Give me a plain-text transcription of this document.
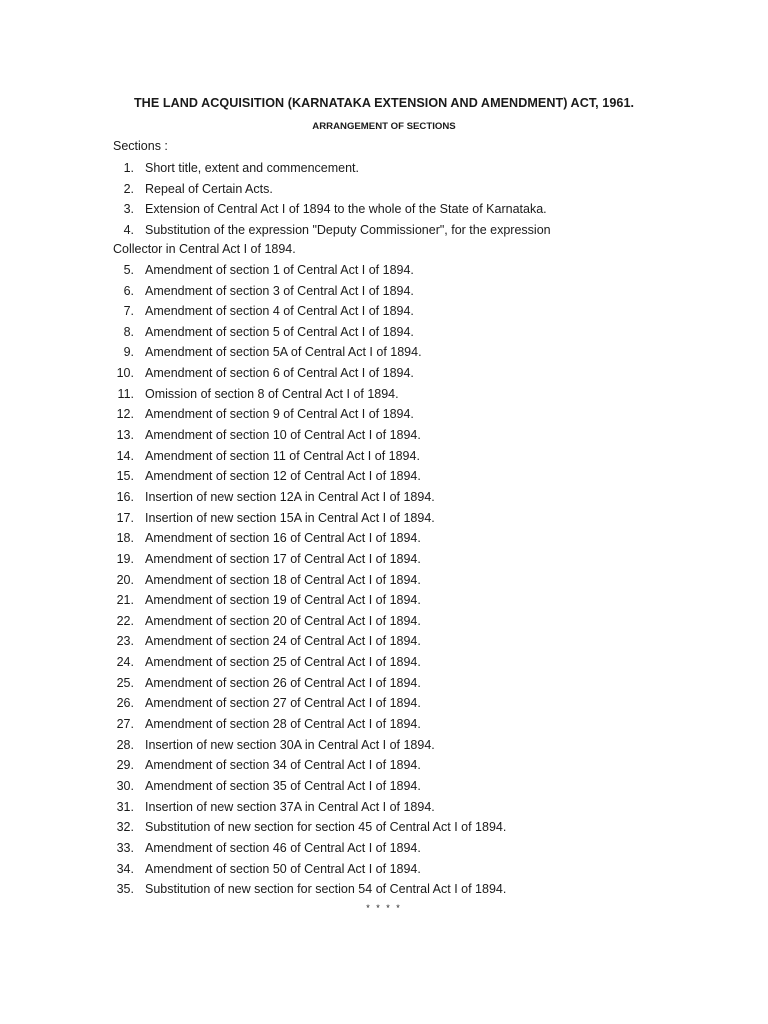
THE LAND ACQUISITION (KARNATAKA EXTENSION AND AMENDMENT) ACT, 1961.
ARRANGEMENT OF SECTIONS
Sections :
1. Short title, extent and commencement.
2. Repeal of Certain Acts.
3. Extension of Central Act I of 1894 to the whole of the State of Karnataka.
4. Substitution of the expression "Deputy Commissioner", for the expression
Collector in Central Act I of 1894.
5. Amendment of section 1 of Central Act I of 1894.
6. Amendment of section 3 of Central Act I of 1894.
7. Amendment of section 4 of Central Act I of 1894.
8. Amendment of section 5 of Central Act I of 1894.
9. Amendment of section 5A of Central Act I of 1894.
10. Amendment of section 6 of Central Act I of 1894.
11. Omission of section 8 of Central Act I of 1894.
12. Amendment of section 9 of Central Act I of 1894.
13. Amendment of section 10 of Central Act I of 1894.
14. Amendment of section 11 of Central Act I of 1894.
15. Amendment of section 12 of Central Act I of 1894.
16. Insertion of new section 12A in Central Act I of 1894.
17. Insertion of new section 15A in Central Act I of 1894.
18. Amendment of section 16 of Central Act I of 1894.
19. Amendment of section 17 of Central Act I of 1894.
20. Amendment of section 18 of Central Act I of 1894.
21. Amendment of section 19 of Central Act I of 1894.
22. Amendment of section 20 of Central Act I of 1894.
23. Amendment of section 24 of Central Act I of 1894.
24. Amendment of section 25 of Central Act I of 1894.
25. Amendment of section 26 of Central Act I of 1894.
26. Amendment of section 27 of Central Act I of 1894.
27. Amendment of section 28 of Central Act I of 1894.
28. Insertion of new section 30A in Central Act I of 1894.
29. Amendment of section 34 of Central Act I of 1894.
30. Amendment of section 35 of Central Act I of 1894.
31. Insertion of new section 37A in Central Act I of 1894.
32. Substitution of new section for section 45 of Central Act I of 1894.
33. Amendment of section 46 of Central Act I of 1894.
34. Amendment of section 50 of Central Act I of 1894.
35. Substitution of new section for section 54 of Central Act I of 1894.
* * * *
